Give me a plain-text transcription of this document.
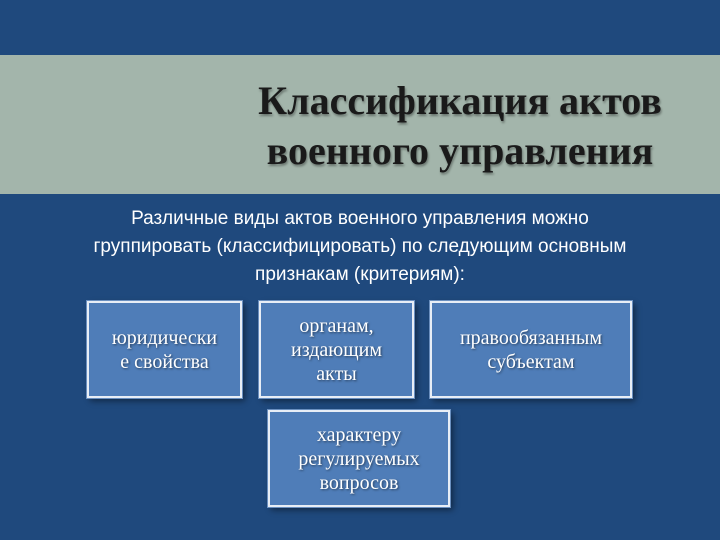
Классификация актов
военного управления
Различные виды актов военного управления можно
группировать (классифицировать) по следующим основным
признакам (критериям):
юридически
е свойства
органам,
издающим
акты
правообязанным
субъектам
характеру
регулируемых
вопросов
